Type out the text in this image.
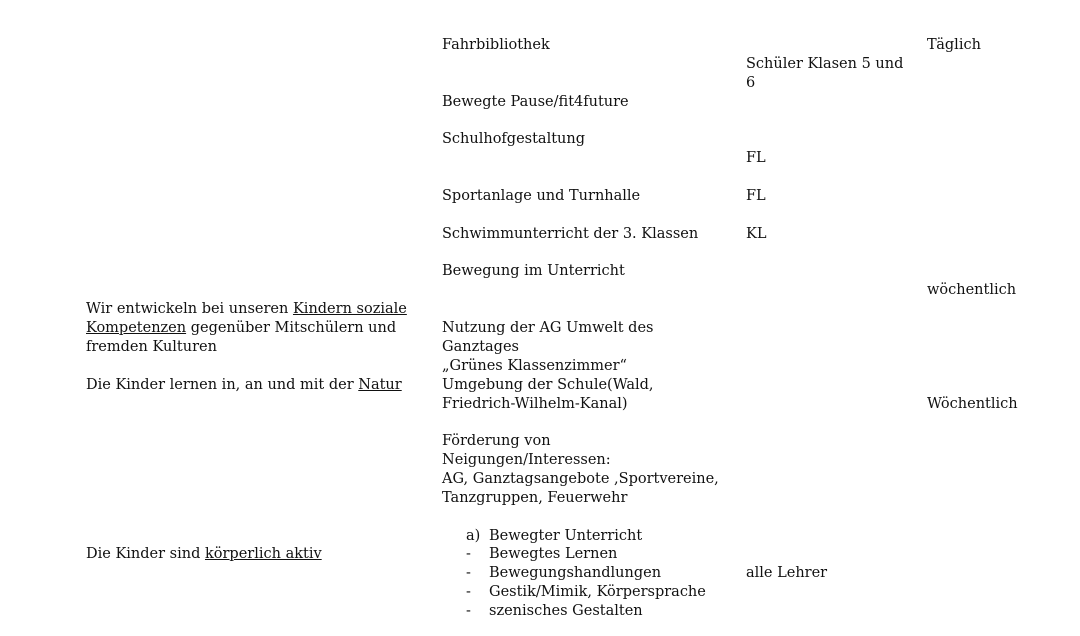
Wir entwickeln bei unseren Kindern soziale
Kompetenzen gegenüber Mitschülern und
fremden Kulturen
Die Kinder lernen in, an und mit der Natur
Die Kinder sind körperlich aktiv
Fahrbibliothek
Bewegte Pause/fit4future
Schulhofgestaltung
Sportanlage und Turnhalle
Schwimmunterricht der 3. Klassen
Bewegung im Unterricht
Nutzung der AG Umwelt des
Ganztages
„Grünes Klassenzimmer“
Umgebung der Schule(Wald,
Friedrich-Wilhelm-Kanal)
Förderung von
Neigungen/Interessen:
AG, Ganztagsangebote ,Sportvereine,
Tanzgruppen, Feuerwehr
a) Bewegter Unterricht
- Bewegtes Lernen
- Bewegungshandlungen
- Gestik/Mimik, Körpersprache
- szenisches Gestalten
Schüler Klasen 5 und
6
FL
FL
KL
alle Lehrer
Täglich
wöchentlich
Wöchentlich
